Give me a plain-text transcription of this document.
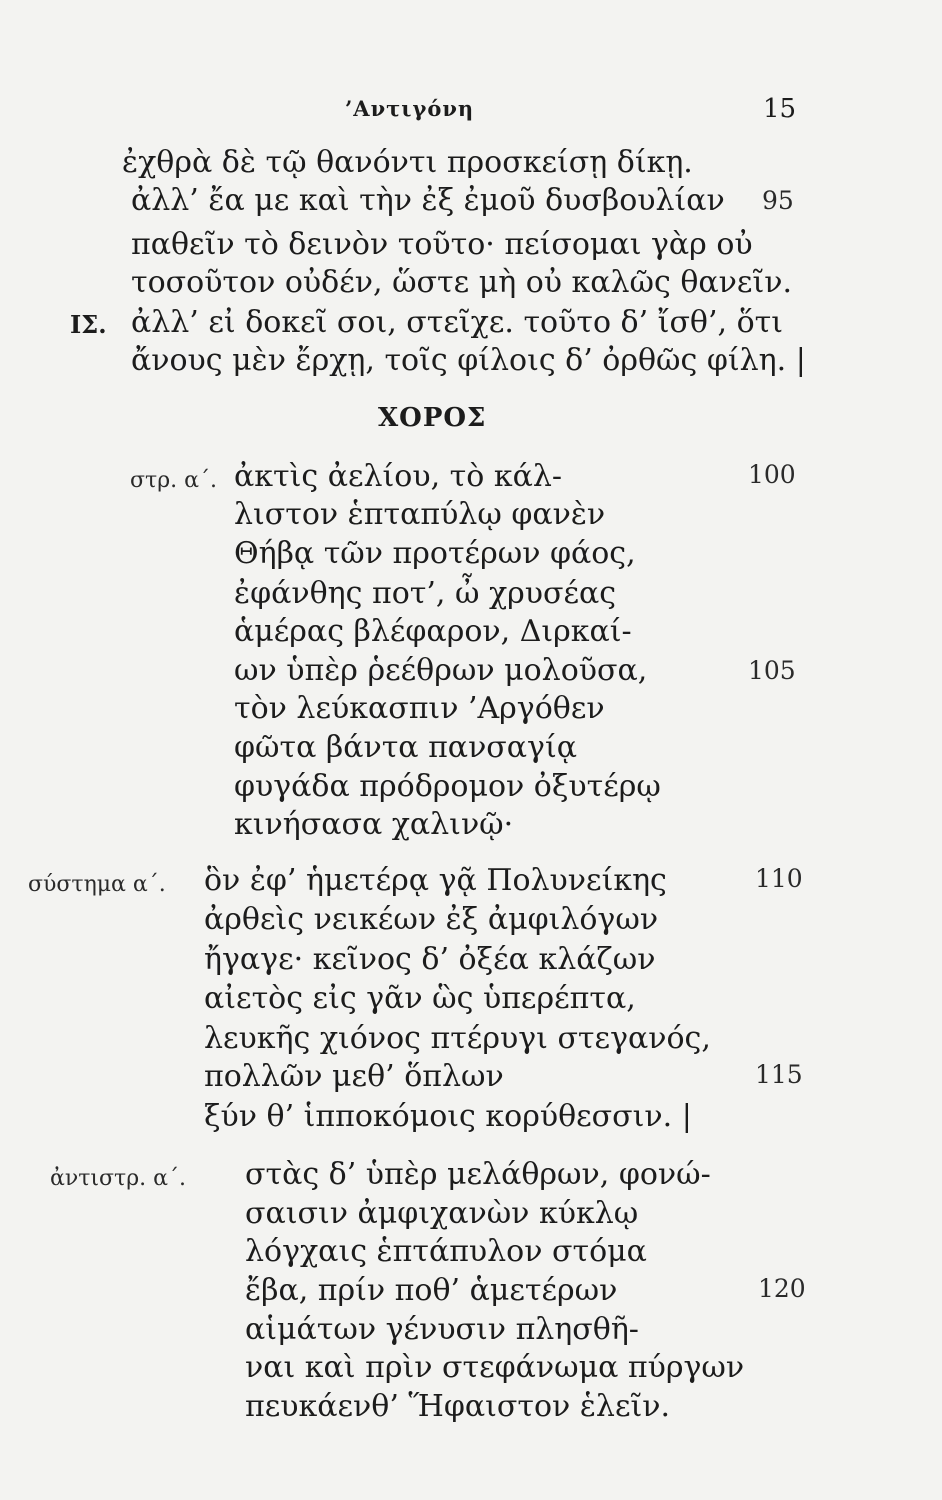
’Αντιγόνη	15
ἐχθρὰ δὲ τῷ θανόντι προσκείσῃ δίκῃ.
ἀλλ’ ἔα με καὶ τὴν ἐξ ἐμοῦ δυσβουλίαν 95
παθεῖν τὸ δεινὸν τοῦτο· πείσομαι γὰρ οὐ
τοσοῦτον οὐδέν, ὥστε μὴ οὐ καλῶς θανεῖν.
ΙΣ. ἀλλ’ εἰ δοκεῖ σοι, στεῖχε. τοῦτο δ’ ἴσθ’, ὅτι
ἄνους μὲν ἔρχῃ, τοῖς φίλοις δ’ ὀρθῶς φίλη. |
ΧΟΡΟΣ
στρ. α΄. ἀκτὶς ἀελίου, τὸ κάλ-	100
λιστον ἑπταπύλῳ φανὲν
Θήβᾳ τῶν προτέρων φάος,
ἐφάνθης ποτ’, ὦ χρυσέας
ἁμέρας βλέφαρον, Διρκαί-
ων ὑπὲρ ῥεέθρων μολοῦσα,	105
τὸν λεύκασπιν ’Αργόθεν
φῶτα βάντα πανσαγίᾳ
φυγάδα πρόδρομον ὀξυτέρῳ
κινήσασα χαλινῷ·
σύστημα α΄. ὃν ἐφ’ ἡμετέρᾳ γᾷ Πολυνείκης	110
ἀρθεὶς νεικέων ἐξ ἀμφιλόγων
ἤγαγε· κεῖνος δ’ ὀξέα κλάζων
αἰετὸς εἰς γᾶν ὣς ὑπερέπτα,
λευκῆς χιόνος πτέρυγι στεγανός,
πολλῶν μεθ’ ὅπλων	115
ξύν θ’ ἱπποκόμοις κορύθεσσιν. |
ἀντιστρ. α΄. στὰς δ’ ὑπὲρ μελάθρων, φονώ-
σαισιν ἀμφιχανὼν κύκλῳ
λόγχαις ἑπτάπυλον στόμα
ἔβα, πρίν ποθ’ ἁμετέρων	120
αἱμάτων γένυσιν πλησθῆ-
ναι καὶ πρὶν στεφάνωμα πύργων
πευκάενθ’ Ἥφαιστον ἑλεῖν.
